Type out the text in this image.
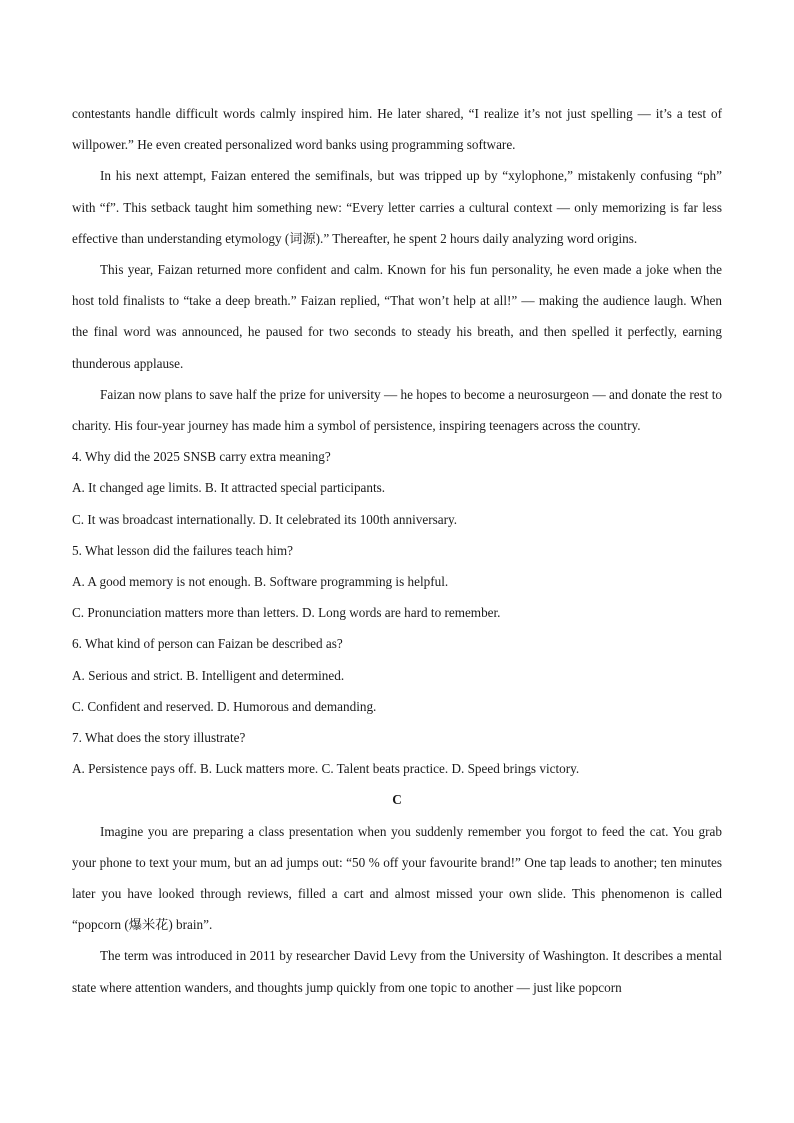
contestants handle difficult words calmly inspired him. He later shared, “I realize it’s not just spelling — it’s a test of willpower.” He even created personalized word banks using programming software.

In his next attempt, Faizan entered the semifinals, but was tripped up by “xylophone,” mistakenly confusing “ph” with “f”. This setback taught him something new: “Every letter carries a cultural context — only memorizing is far less effective than understanding etymology (词源).” Thereafter, he spent 2 hours daily analyzing word origins.

This year, Faizan returned more confident and calm. Known for his fun personality, he even made a joke when the host told finalists to “take a deep breath.” Faizan replied, “That won’t help at all!” — making the audience laugh. When the final word was announced, he paused for two seconds to steady his breath, and then spelled it perfectly, earning thunderous applause.

Faizan now plans to save half the prize for university — he hopes to become a neurosurgeon — and donate the rest to charity. His four-year journey has made him a symbol of persistence, inspiring teenagers across the country.

4. Why did the 2025 SNSB carry extra meaning?

A. It changed age limits. B. It attracted special participants.

C. It was broadcast internationally. D. It celebrated its 100th anniversary.

5. What lesson did the failures teach him?

A. A good memory is not enough. B. Software programming is helpful.

C. Pronunciation matters more than letters. D. Long words are hard to remember.

6. What kind of person can Faizan be described as?

A. Serious and strict. B. Intelligent and determined.

C. Confident and reserved. D. Humorous and demanding.

7. What does the story illustrate?

A. Persistence pays off. B. Luck matters more. C. Talent beats practice. D. Speed brings victory.

C

Imagine you are preparing a class presentation when you suddenly remember you forgot to feed the cat. You grab your phone to text your mum, but an ad jumps out: “50 % off your favourite brand!” One tap leads to another; ten minutes later you have looked through reviews, filled a cart and almost missed your own slide. This phenomenon is called “popcorn (爆米花) brain”.

The term was introduced in 2011 by researcher David Levy from the University of Washington. It describes a mental state where attention wanders, and thoughts jump quickly from one topic to another — just like popcorn
